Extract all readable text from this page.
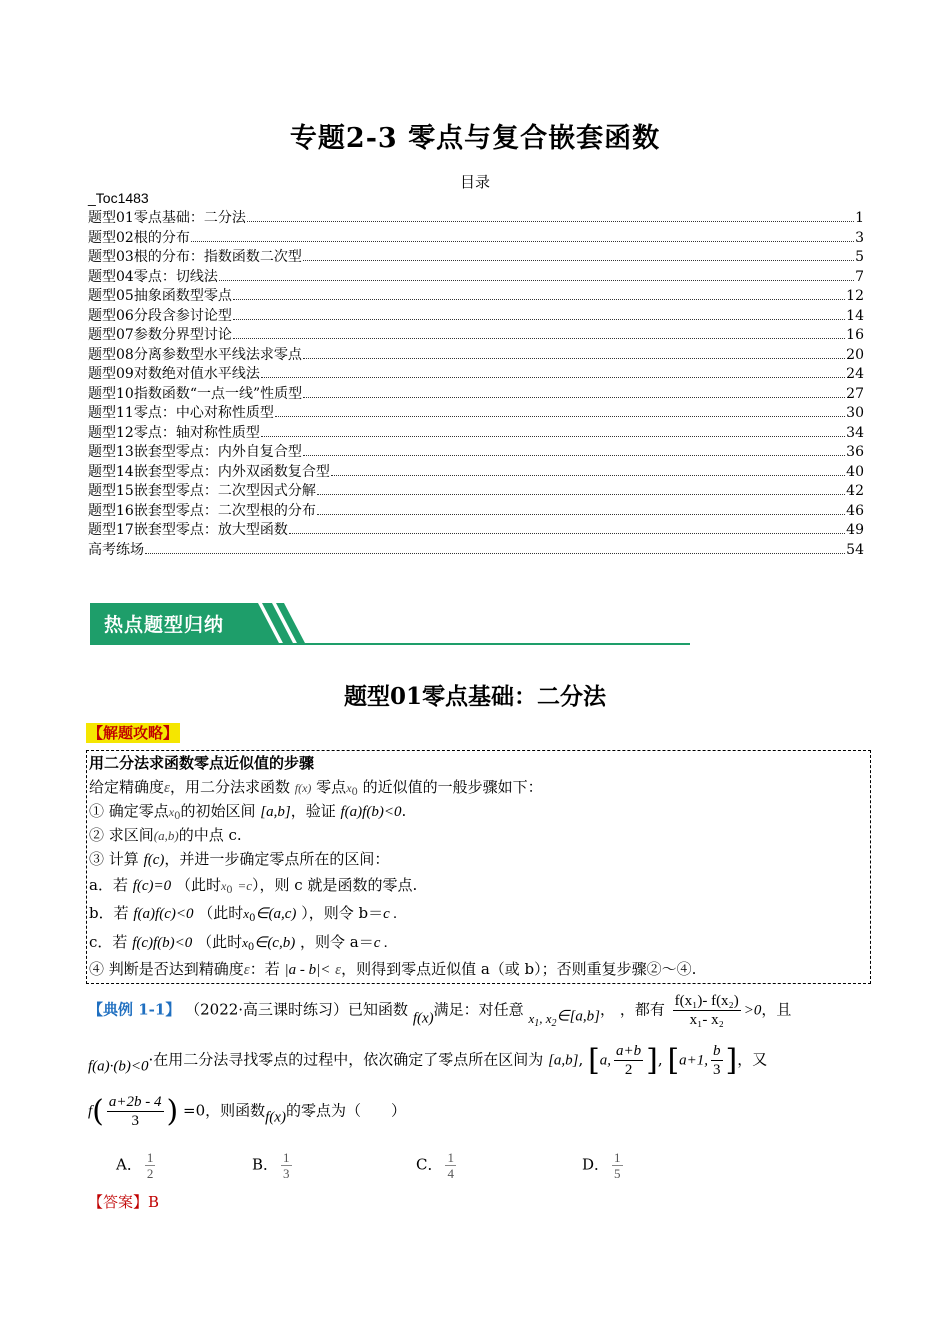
专题2-3 零点与复合嵌套函数
目录
_Toc1483
题型01零点基础：二分法	1
题型02根的分布	3
题型03根的分布：指数函数二次型	5
题型04零点：切线法	7
题型05抽象函数型零点	12
题型06分段含参讨论型	14
题型07参数分界型讨论	16
题型08分离参数型水平线法求零点	20
题型09对数绝对值水平线法	24
题型10指数函数“一点一线”性质型	27
题型11零点：中心对称性质型	30
题型12零点：轴对称性质型	34
题型13嵌套型零点：内外自复合型	36
题型14嵌套型零点：内外双函数复合型	40
题型15嵌套型零点：二次型因式分解	42
题型16嵌套型零点：二次型根的分布	46
题型17嵌套型零点：放大型函数	49
高考练场	54
热点题型归纳
题型01零点基础：二分法
【解题攻略】
用二分法求函数零点近似值的步骤
给定精确度ε，用二分法求函数 f(x) 零点$x_0$ 的近似值的一般步骤如下：
① 确定零点$x_0$的初始区间 [a,b]，验证 f(a)f(b)<0.
② 求区间(a,b)的中点 c.
③ 计算 f(c)，并进一步确定零点所在的区间：
a．若 f(c)=0 （此时$x_0 =c$），则 c 就是函数的零点.
b．若 f(a)f(c)<0 （此时$x_0\in(a,c)$ ），则令 b＝c .
c．若 f(c)f(b)<0 （此时$x_0\in(c,b)$ ，则令 a＝c .
④ 判断是否达到精确度ε：若 |a - b|< ε，则得到零点近似值 a（或 b）；否则重复步骤②～④.
【典例 1-1】 （2022·高三课时练习）已知函数 f(x)满足：对任意 $x_1$, $x_2\in[a,b]$， ，都有 $\frac{\text{f(x₁)- f(x₂)}}{\text{x₁- x₂}} >0$，且
f(a)·(b)<0·在用二分法寻找零点的过程中，依次确定了零点所在区间为 [a,b], [a, $\frac{a+b}{2}$ ], [a+1, $\frac{b}{3}$ ]，又
$f( \frac{a+2b - 4}{3}$ ) =0，则函数f(x)的零点为（　　）
A． $\frac{1}{2}$	B． $\frac{1}{3}$	C． $\frac{1}{4}$	D． $\frac{1}{5}$
【答案】B
